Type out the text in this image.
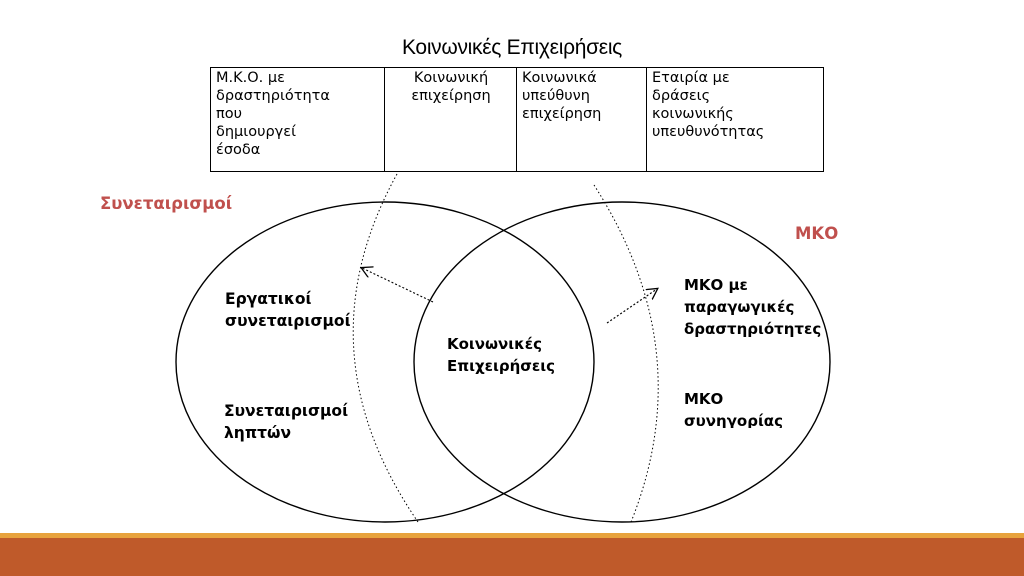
Κοινωνικές Επιχειρήσεις
Μ.Κ.Ο. με
δραστηριότητα
που
δημιουργεί
έσοδα

Κοινωνική
επιχείρηση

Κοινωνικά
υπεύθυνη
επιχείρηση

Εταιρία με
δράσεις
κοινωνικής
υπευθυνότητας
Συνεταιρισμοί
ΜΚΟ
Εργατικοί
συνεταιρισμοί
Συνεταιρισμοί
ληπτών
Κοινωνικές
Επιχειρήσεις
ΜΚΟ με
παραγωγικές
δραστηριότητες
ΜΚΟ
συνηγορίας
